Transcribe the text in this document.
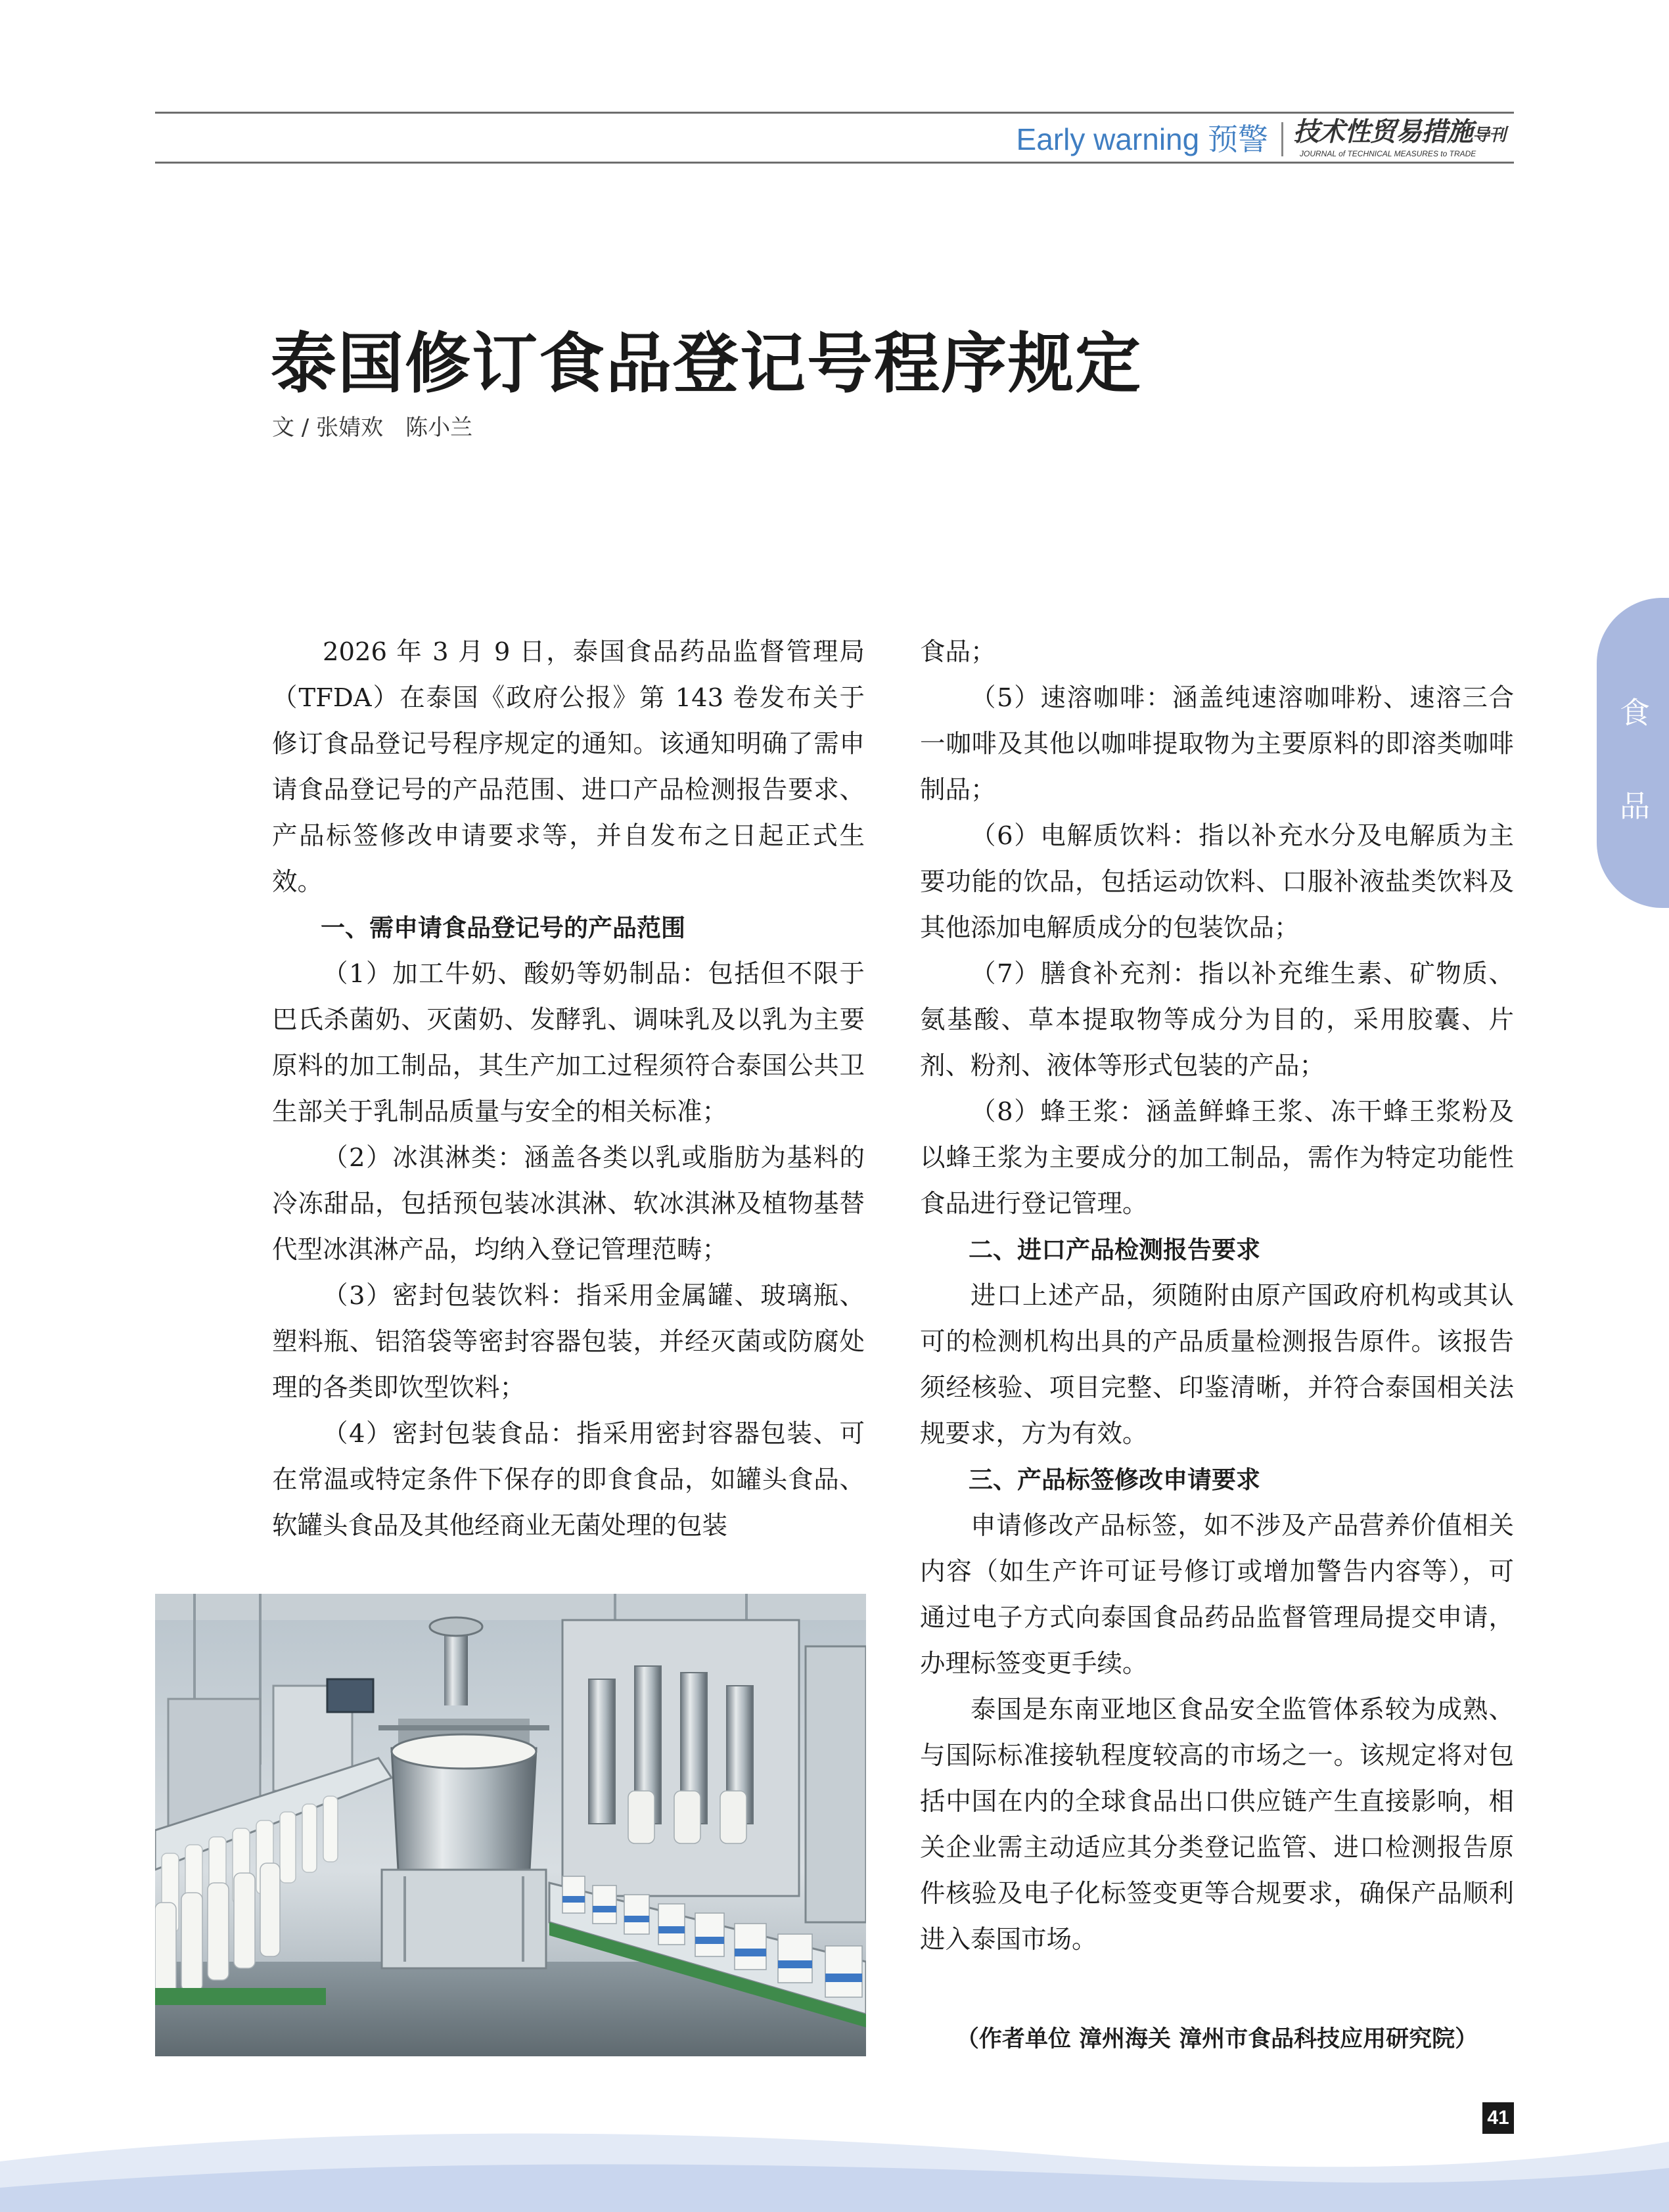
Early warning 预警 技术性贸易措施导刊
JOURNAL of TECHNICAL MEASURES to TRADE
泰国修订食品登记号程序规定
文 / 张婧欢　陈小兰
食
品

2026 年 3 月 9 日，泰国食品药品监督管理局（TFDA）在泰国《政府公报》第 143 卷发布关于修订食品登记号程序规定的通知。该通知明确了需申请食品登记号的产品范围、进口产品检测报告要求、产品标签修改申请要求等，并自发布之日起正式生效。

一、需申请食品登记号的产品范围

（1）加工牛奶、酸奶等奶制品：包括但不限于巴氏杀菌奶、灭菌奶、发酵乳、调味乳及以乳为主要原料的加工制品，其生产加工过程须符合泰国公共卫生部关于乳制品质量与安全的相关标准；

（2）冰淇淋类：涵盖各类以乳或脂肪为基料的冷冻甜品，包括预包装冰淇淋、软冰淇淋及植物基替代型冰淇淋产品，均纳入登记管理范畴；

（3）密封包装饮料：指采用金属罐、玻璃瓶、塑料瓶、铝箔袋等密封容器包装，并经灭菌或防腐处理的各类即饮型饮料；

（4）密封包装食品：指采用密封容器包装、可在常温或特定条件下保存的即食食品，如罐头食品、软罐头食品及其他经商业无菌处理的包装

食品；

（5）速溶咖啡：涵盖纯速溶咖啡粉、速溶三合一咖啡及其他以咖啡提取物为主要原料的即溶类咖啡制品；

（6）电解质饮料：指以补充水分及电解质为主要功能的饮品，包括运动饮料、口服补液盐类饮料及其他添加电解质成分的包装饮品；

（7）膳食补充剂：指以补充维生素、矿物质、氨基酸、草本提取物等成分为目的，采用胶囊、片剂、粉剂、液体等形式包装的产品；

（8）蜂王浆：涵盖鲜蜂王浆、冻干蜂王浆粉及以蜂王浆为主要成分的加工制品，需作为特定功能性食品进行登记管理。

二、进口产品检测报告要求

进口上述产品，须随附由原产国政府机构或其认可的检测机构出具的产品质量检测报告原件。该报告须经核验、项目完整、印鉴清晰，并符合泰国相关法规要求，方为有效。

三、产品标签修改申请要求

申请修改产品标签，如不涉及产品营养价值相关内容（如生产许可证号修订或增加警告内容等），可通过电子方式向泰国食品药品监督管理局提交申请，办理标签变更手续。

泰国是东南亚地区食品安全监管体系较为成熟、与国际标准接轨程度较高的市场之一。该规定将对包括中国在内的全球食品出口供应链产生直接影响，相关企业需主动适应其分类登记监管、进口检测报告原件核验及电子化标签变更等合规要求，确保产品顺利进入泰国市场。

（作者单位 漳州海关 漳州市食品科技应用研究院）
41
